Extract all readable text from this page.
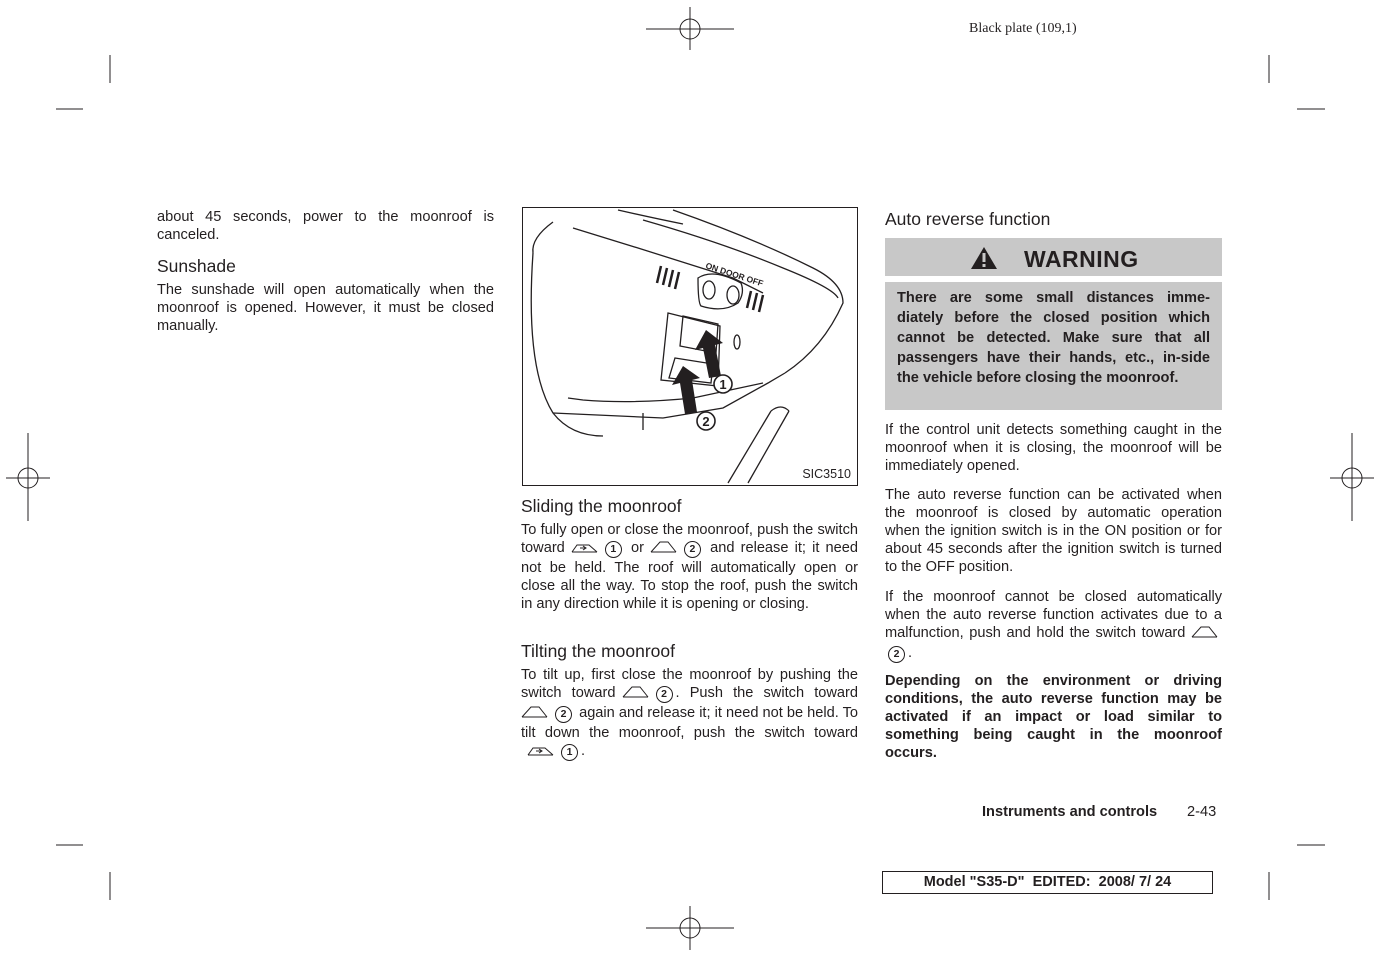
Black plate (109,1)

about 45 seconds, power to the moonroof is canceled.

Sunshade

The sunshade will open automatically when the moonroof is opened. However, it must be closed manually.

ON DOOR OFF
1
2
SIC3510
Sliding the moonroof

To fully open or close the moonroof, push the switch toward	1 or	2 and release it; it need not be held. The roof will automatically open or close all the way. To stop the roof, push the switch in any direction while it is opening or closing.

Tilting the moonroof

To tilt up, first close the moonroof by pushing the switch toward	2 . Push the switch toward 2 again and release it; it need not be held. To tilt down the moonroof, push the switch toward1 .

Auto reverse function
WARNING

There are some small distances imme-diately before the closed position which cannot be detected. Make sure that all passengers have their hands, etc., in-side the vehicle before closing the moonroof.

If the control unit detects something caught in the moonroof when it is closing, the moonroof will be immediately opened.

The auto reverse function can be activated when the moonroof is closed by automatic operation when the ignition switch is in the ON position or for about 45 seconds after the ignition switch is turned to the OFF position.

If the moonroof cannot be closed automatically when the auto reverse function activates due to a malfunction, push and hold the switch toward 2 .

Depending on the environment or driving conditions, the auto reverse function may be activated if an impact or load similar to something being caught in the moonroof occurs.

Instruments and controls 2-43
Model "S35-D" EDITED: 2008/ 7/ 24
